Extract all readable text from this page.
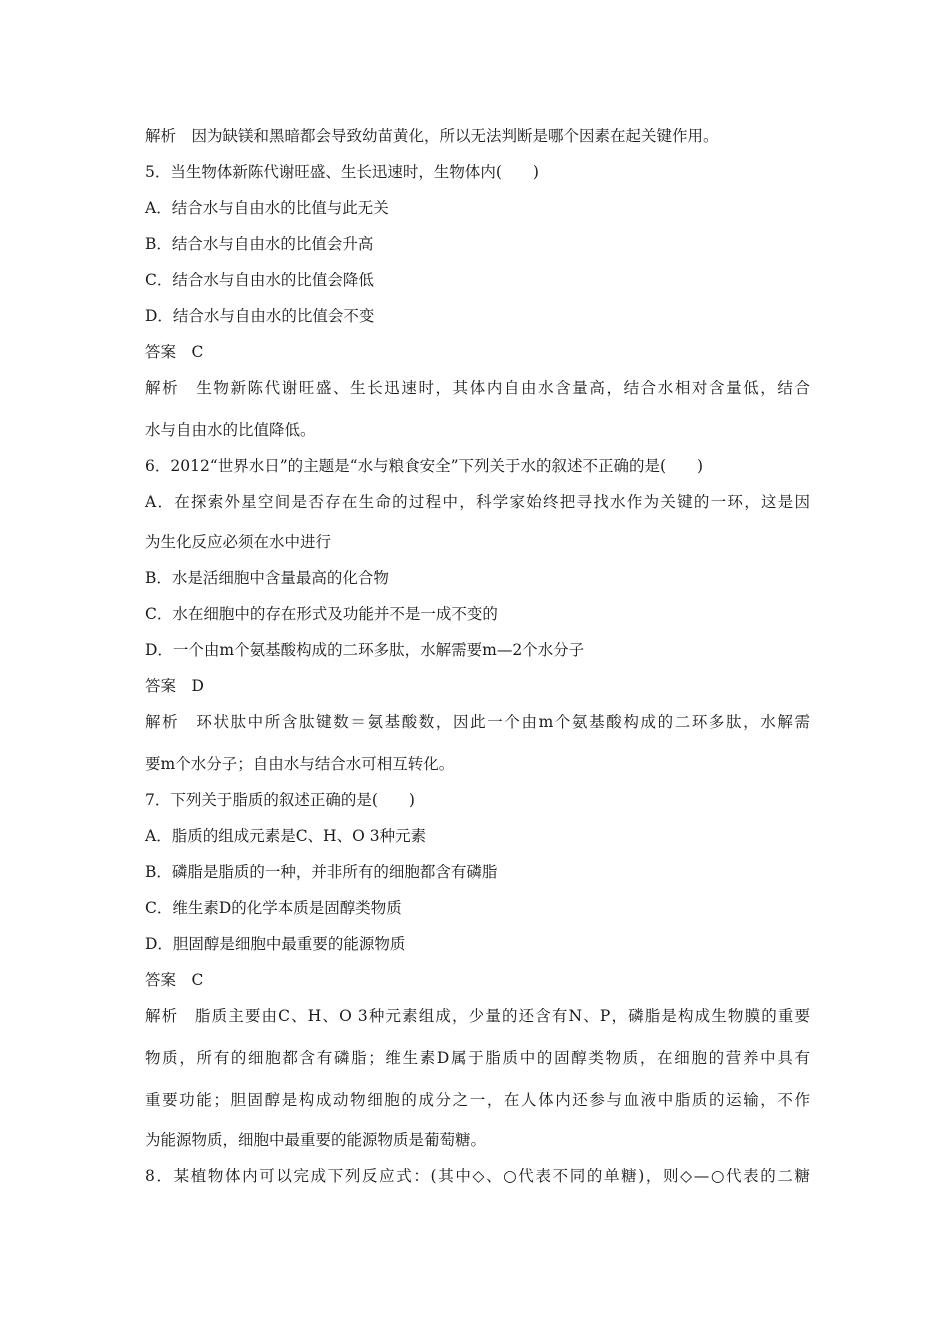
解析　因为缺镁和黑暗都会导致幼苗黄化，所以无法判断是哪个因素在起关键作用。
5．当生物体新陈代谢旺盛、生长迅速时，生物体内(　　)
A．结合水与自由水的比值与此无关
B．结合水与自由水的比值会升高
C．结合水与自由水的比值会降低
D．结合水与自由水的比值会不变
答案　C
解析　生物新陈代谢旺盛、生长迅速时，其体内自由水含量高，结合水相对含量低，结合
水与自由水的比值降低。
6．2012“世界水日”的主题是“水与粮食安全”下列关于水的叙述不正确的是(　　)
A．在探索外星空间是否存在生命的过程中，科学家始终把寻找水作为关键的一环，这是因
为生化反应必须在水中进行
B．水是活细胞中含量最高的化合物
C．水在细胞中的存在形式及功能并不是一成不变的
D．一个由m个氨基酸构成的二环多肽，水解需要m—2个水分子
答案　D
解析　环状肽中所含肽键数＝氨基酸数，因此一个由m个氨基酸构成的二环多肽，水解需
要m个水分子；自由水与结合水可相互转化。
7．下列关于脂质的叙述正确的是(　　)
A．脂质的组成元素是C、H、O 3种元素
B．磷脂是脂质的一种，并非所有的细胞都含有磷脂
C．维生素D的化学本质是固醇类物质
D．胆固醇是细胞中最重要的能源物质
答案　C
解析　脂质主要由C、H、O 3种元素组成，少量的还含有N、P，磷脂是构成生物膜的重要
物质，所有的细胞都含有磷脂；维生素D属于脂质中的固醇类物质，在细胞的营养中具有
重要功能；胆固醇是构成动物细胞的成分之一，在人体内还参与血液中脂质的运输，不作
为能源物质，细胞中最重要的能源物质是葡萄糖。
8．某植物体内可以完成下列反应式：(其中◇、○代表不同的单糖)，则◇—○代表的二糖
